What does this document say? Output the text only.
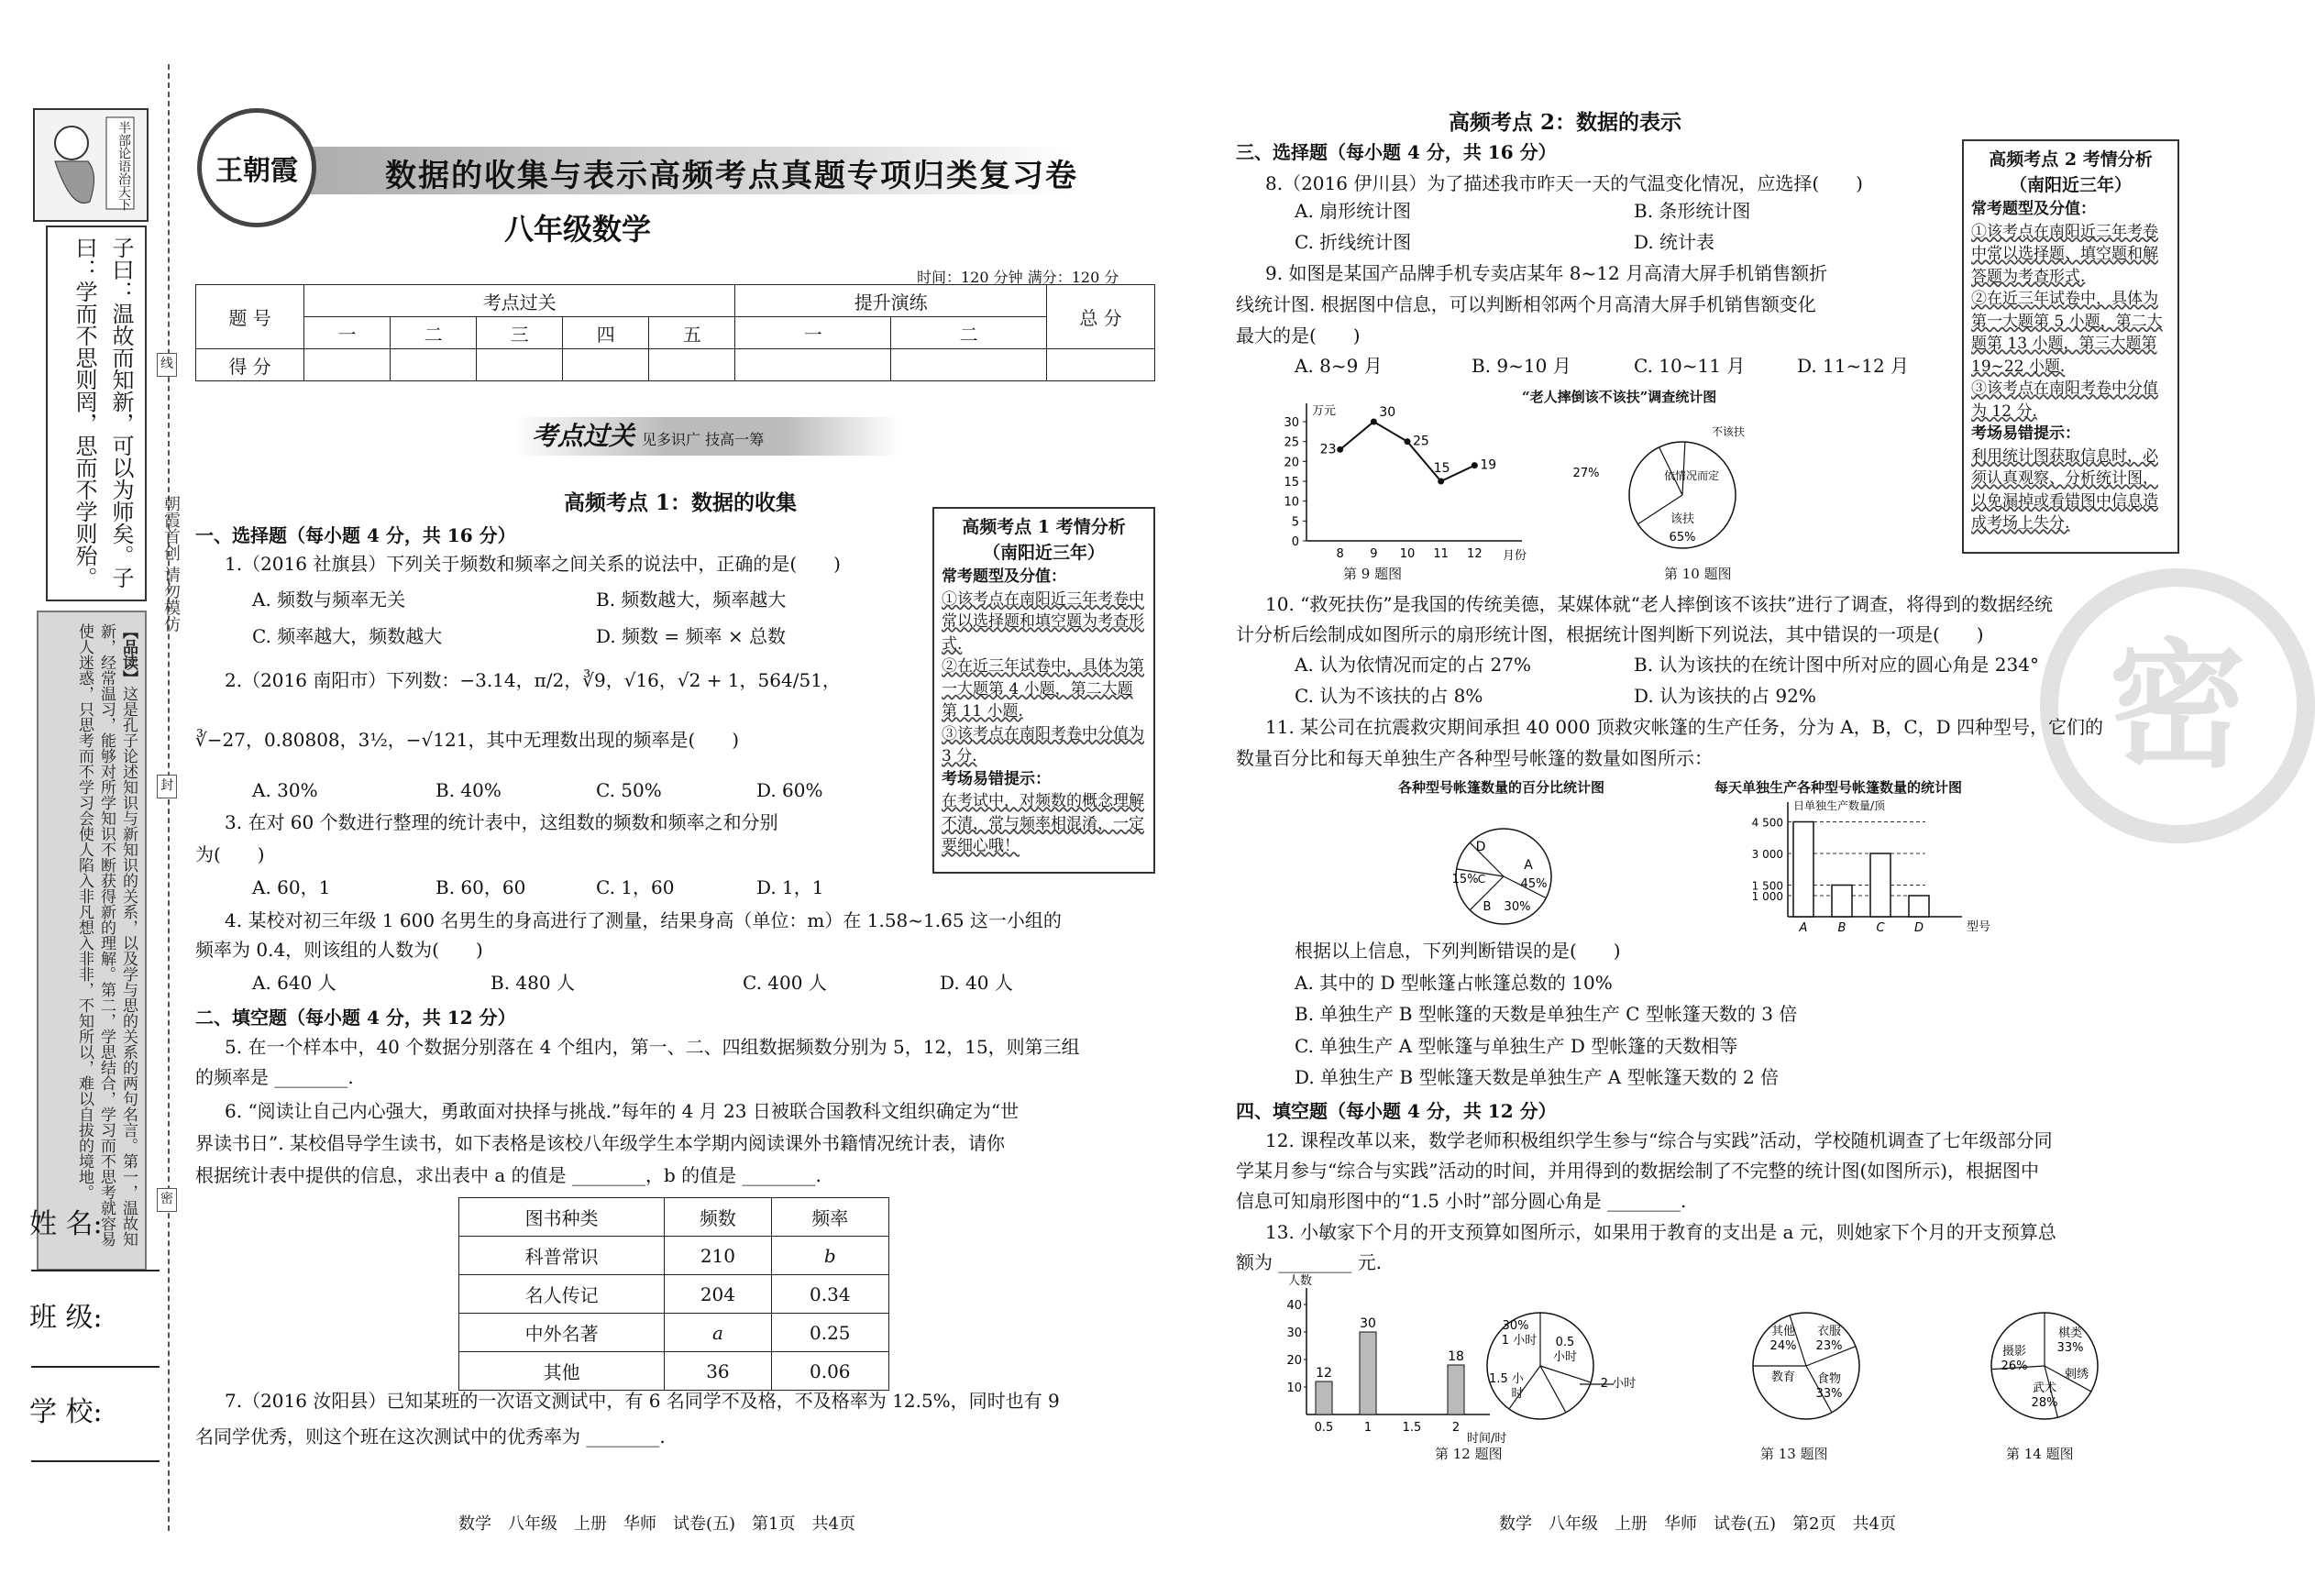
半部论语治天下
子曰：温故而知新，可以为师矣。子曰：学而不思则罔，思而不学则殆。
【品读】这是孔子论述知识与新知识的关系，以及学与思的关系的两句名言。第一，温故知新，经常温习，能够对所学知识不断获得新的理解。第二，学思结合，学习而不思考就容易使人迷惑，只思考而不学习会使人陷入非凡想入非非，不知所以，难以自拔的境地。
线
封
密
朝霞首创 请勿模仿
姓 名:
班 级:
学 校:
王朝霞	数据的收集与表示高频考点真题专项归类复习卷
八年级数学
时间：120 分钟 满分：120 分
题 号	考点过关					提升演练		总 分
	一	二	三	四	五	一	二	
得 分								
考点过关 见多识广 技高一筹
高频考点 1：数据的收集
一、选择题（每小题 4 分，共 16 分）
1.（2016 社旗县）下列关于频数和频率之间关系的说法中，正确的是(　　)
A. 频数与频率无关	B. 频数越大，频率越大
C. 频率越大，频数越大	D. 频数 = 频率 × 总数
2.（2016 南阳市）下列数：−3.14，π/2，∛9，√16，√2 + 1，564/51，
∛−27，0.80808，3½，−√121，其中无理数出现的频率是(　　)
A. 30%	B. 40%	C. 50%	D. 60%
3. 在对 60 个数进行整理的统计表中，这组数的频数和频率之和分别
为(　　)
A. 60，1	B. 60，60	C. 1，60	D. 1，1
4. 某校对初三年级 1 600 名男生的身高进行了测量，结果身高（单位：m）在 1.58~1.65 这一小组的
频率为 0.4，则该组的人数为(　　)
A. 640 人	B. 480 人	C. 400 人	D. 40 人
二、填空题（每小题 4 分，共 12 分）
5. 在一个样本中，40 个数据分别落在 4 个组内，第一、二、四组数据频数分别为 5，12，15，则第三组
的频率是 ________.
6. “阅读让自己内心强大，勇敢面对抉择与挑战.”每年的 4 月 23 日被联合国教科文组织确定为“世
界读书日”. 某校倡导学生读书，如下表格是该校八年级学生本学期内阅读课外书籍情况统计表，请你
根据统计表中提供的信息，求出表中 a 的值是 ________，b 的值是 ________.
图书种类	频数	频率
科普常识	210	b
名人传记	204	0.34
中外名著	a	0.25
其他	36	0.06
7.（2016 汝阳县）已知某班的一次语文测试中，有 6 名同学不及格，不及格率为 12.5%，同时也有 9
名同学优秀，则这个班在这次测试中的优秀率为 ________.
高频考点 1 考情分析
（南阳近三年）
常考题型及分值：
①该考点在南阳近三年考卷中常以选择题和填空题为考查形式.
②在近三年试卷中，具体为第一大题第 4 小题，第二大题第 11 小题.
③该考点在南阳考卷中分值为 3 分.
考场易错提示：
在考试中，对频数的概念理解不清，常与频率相混淆，一定要细心哦！
数学　八年级　上册　华师　试卷(五)　第1页　共4页
密
高频考点 2：数据的表示
三、选择题（每小题 4 分，共 16 分）
8.（2016 伊川县）为了描述我市昨天一天的气温变化情况，应选择(　　)
A. 扇形统计图	B. 条形统计图
C. 折线统计图	D. 统计表
9. 如图是某国产品牌手机专卖店某年 8~12 月高清大屏手机销售额折
线统计图. 根据图中信息，可以判断相邻两个月高清大屏手机销售额变化
最大的是(　　)
A. 8~9 月	B. 9~10 月	C. 10~11 月	D. 11~12 月
万元
月份
0
5
10
15
20
25
30
8 9 10 11 12
23
30
25
15 19
第 9 题图
“老人摔倒该不该扶”调查统计图
该扶
65%
依情况而定
27%
不该扶
第 10 题图
高频考点 2 考情分析
（南阳近三年）
常考题型及分值：
①该考点在南阳近三年考卷中常以选择题、填空题和解答题为考查形式.
②在近三年试卷中，具体为第一大题第 5 小题，第二大题第 13 小题，第三大题第 19~22 小题.
③该考点在南阳考卷中分值为 12 分.
考场易错提示：
利用统计图获取信息时，必须认真观察、分析统计图，以免漏掉或看错图中信息造成考场上失分.
10. “救死扶伤”是我国的传统美德，某媒体就“老人摔倒该不该扶”进行了调查，将得到的数据经统
计分析后绘制成如图所示的扇形统计图，根据统计图判断下列说法，其中错误的一项是(　　)
A. 认为依情况而定的占 27%	B. 认为该扶的在统计图中所对应的圆心角是 234°
C. 认为不该扶的占 8%	D. 认为该扶的占 92%
11. 某公司在抗震救灾期间承担 40 000 顶救灾帐篷的生产任务，分为 A，B，C，D 四种型号，它们的
数量百分比和每天单独生产各种型号帐篷的数量如图所示：
各种型号帐篷数量的百分比统计图
A
45%
B 30%
C
15%
D
每天单独生产各种型号帐篷数量的统计图
日单独生产数量/顶
型号
1 000
1 500
3 000
4 500
A	B	C D
根据以上信息，下列判断错误的是(　　)
A. 其中的 D 型帐篷占帐篷总数的 10%
B. 单独生产 B 型帐篷的天数是单独生产 C 型帐篷天数的 3 倍
C. 单独生产 A 型帐篷与单独生产 D 型帐篷的天数相等
D. 单独生产 B 型帐篷天数是单独生产 A 型帐篷天数的 2 倍
四、填空题（每小题 4 分，共 12 分）
12. 课程改革以来，数学老师积极组织学生参与“综合与实践”活动，学校随机调查了七年级部分同
学某月参与“综合与实践”活动的时间，并用得到的数据绘制了不完整的统计图(如图所示)，根据图中
信息可知扇形图中的“1.5 小时”部分圆心角是 ________.
13. 小敏家下个月的开支预算如图所示，如果用于教育的支出是 a 元，则她家下个月的开支预算总
额为 ________ 元.
人数
时间/时
10
20
30
40
0.5
12
1
30
1.5	2
18
30%
1 小时 0.5
小时
1.5 小
时
2 小时
第 12 题图
其他
24%
衣服
23%
食物
33%
教育
第 13 题图
棋类
33%
摄影
26%
武术
28%
剌绣
第 14 题图
数学　八年级　上册　华师　试卷(五)　第2页　共4页
